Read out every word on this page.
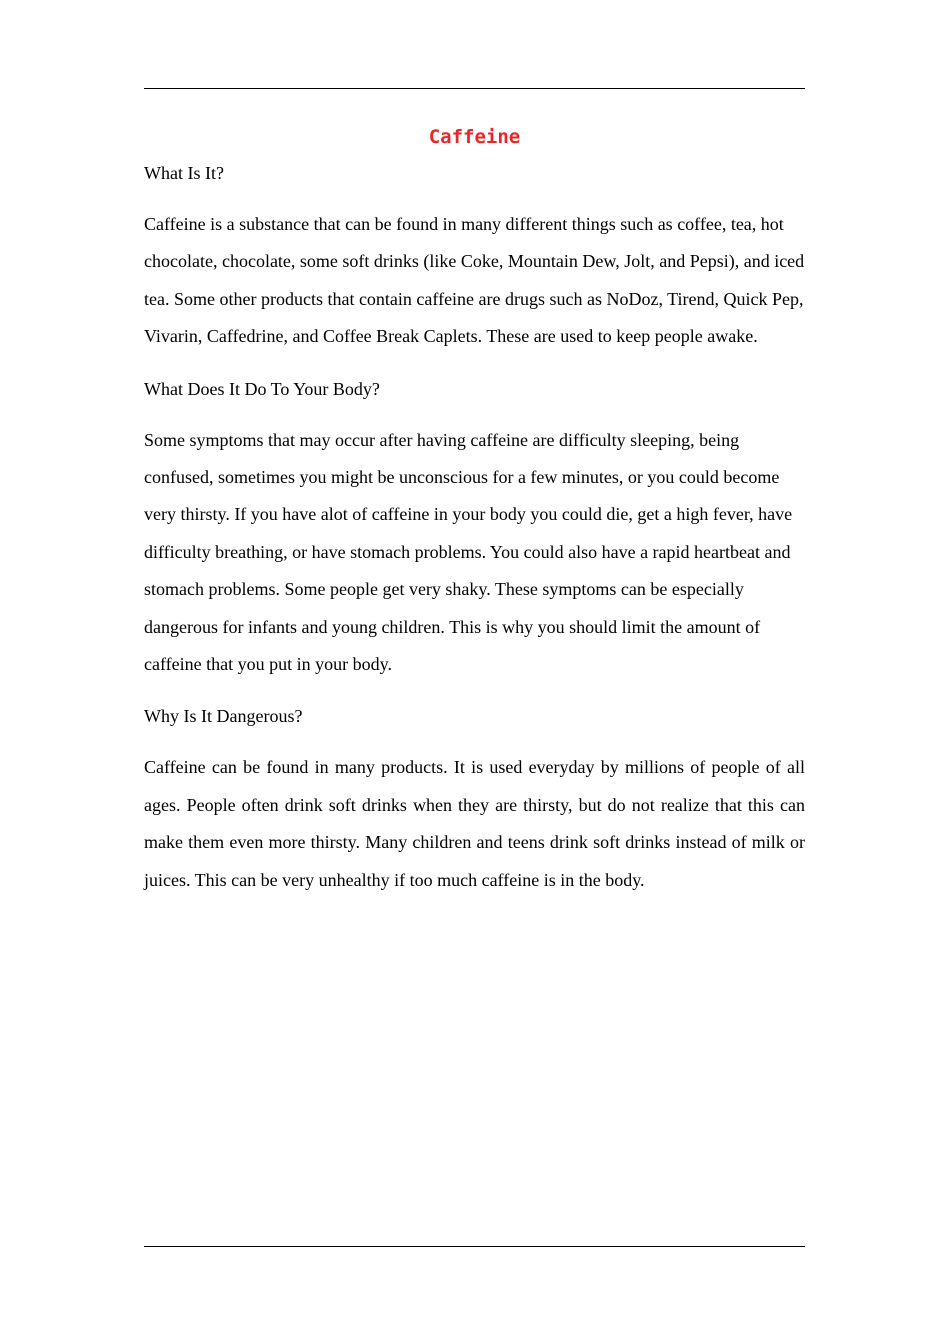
Caffeine

What Is It?

Caffeine is a substance that can be found in many different things such as coffee, tea, hot chocolate, chocolate, some soft drinks (like Coke, Mountain Dew, Jolt, and Pepsi), and iced tea. Some other products that contain caffeine are drugs such as NoDoz, Tirend, Quick Pep, Vivarin, Caffedrine, and Coffee Break Caplets. These are used to keep people awake.

What Does It Do To Your Body?

Some symptoms that may occur after having caffeine are difficulty sleeping, being confused, sometimes you might be unconscious for a few minutes, or you could become very thirsty. If you have alot of caffeine in your body you could die, get a high fever, have difficulty breathing, or have stomach problems. You could also have a rapid heartbeat and stomach problems. Some people get very shaky. These symptoms can be especially dangerous for infants and young children. This is why you should limit the amount of caffeine that you put in your body.

Why Is It Dangerous?

Caffeine can be found in many products. It is used everyday by millions of people of all ages. People often drink soft drinks when they are thirsty, but do not realize that this can make them even more thirsty. Many children and teens drink soft drinks instead of milk or juices. This can be very unhealthy if too much caffeine is in the body.
